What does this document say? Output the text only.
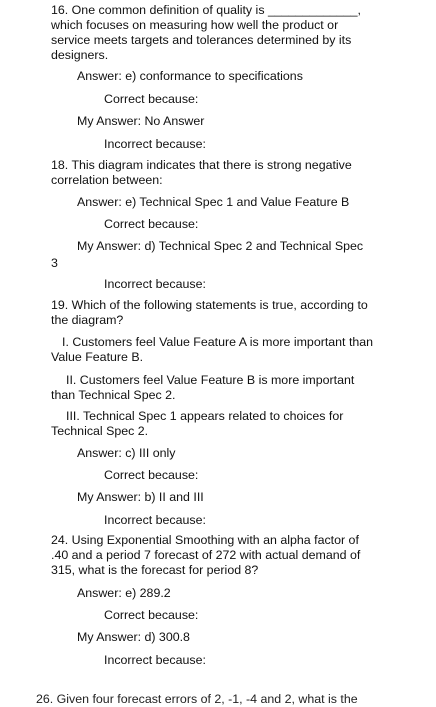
16. One common definition of quality is _____________,
which focuses on measuring how well the product or
service meets targets and tolerances determined by its
designers.
Answer: e) conformance to specifications
Correct because:
My Answer: No Answer
Incorrect because:
18. This diagram indicates that there is strong negative
correlation between:
Answer: e) Technical Spec 1 and Value Feature B
Correct because:
My Answer: d) Technical Spec 2 and Technical Spec
3
Incorrect because:
19. Which of the following statements is true, according to
the diagram?
I. Customers feel Value Feature A is more important than
Value Feature B.
II. Customers feel Value Feature B is more important
than Technical Spec 2.
III. Technical Spec 1 appears related to choices for
Technical Spec 2.
Answer: c) III only
Correct because:
My Answer: b) II and III
Incorrect because:
24. Using Exponential Smoothing with an alpha factor of
.40 and a period 7 forecast of 272 with actual demand of
315, what is the forecast for period 8?
Answer: e) 289.2
Correct because:
My Answer: d) 300.8
Incorrect because:
26. Given four forecast errors of 2, -1, -4 and 2, what is the
